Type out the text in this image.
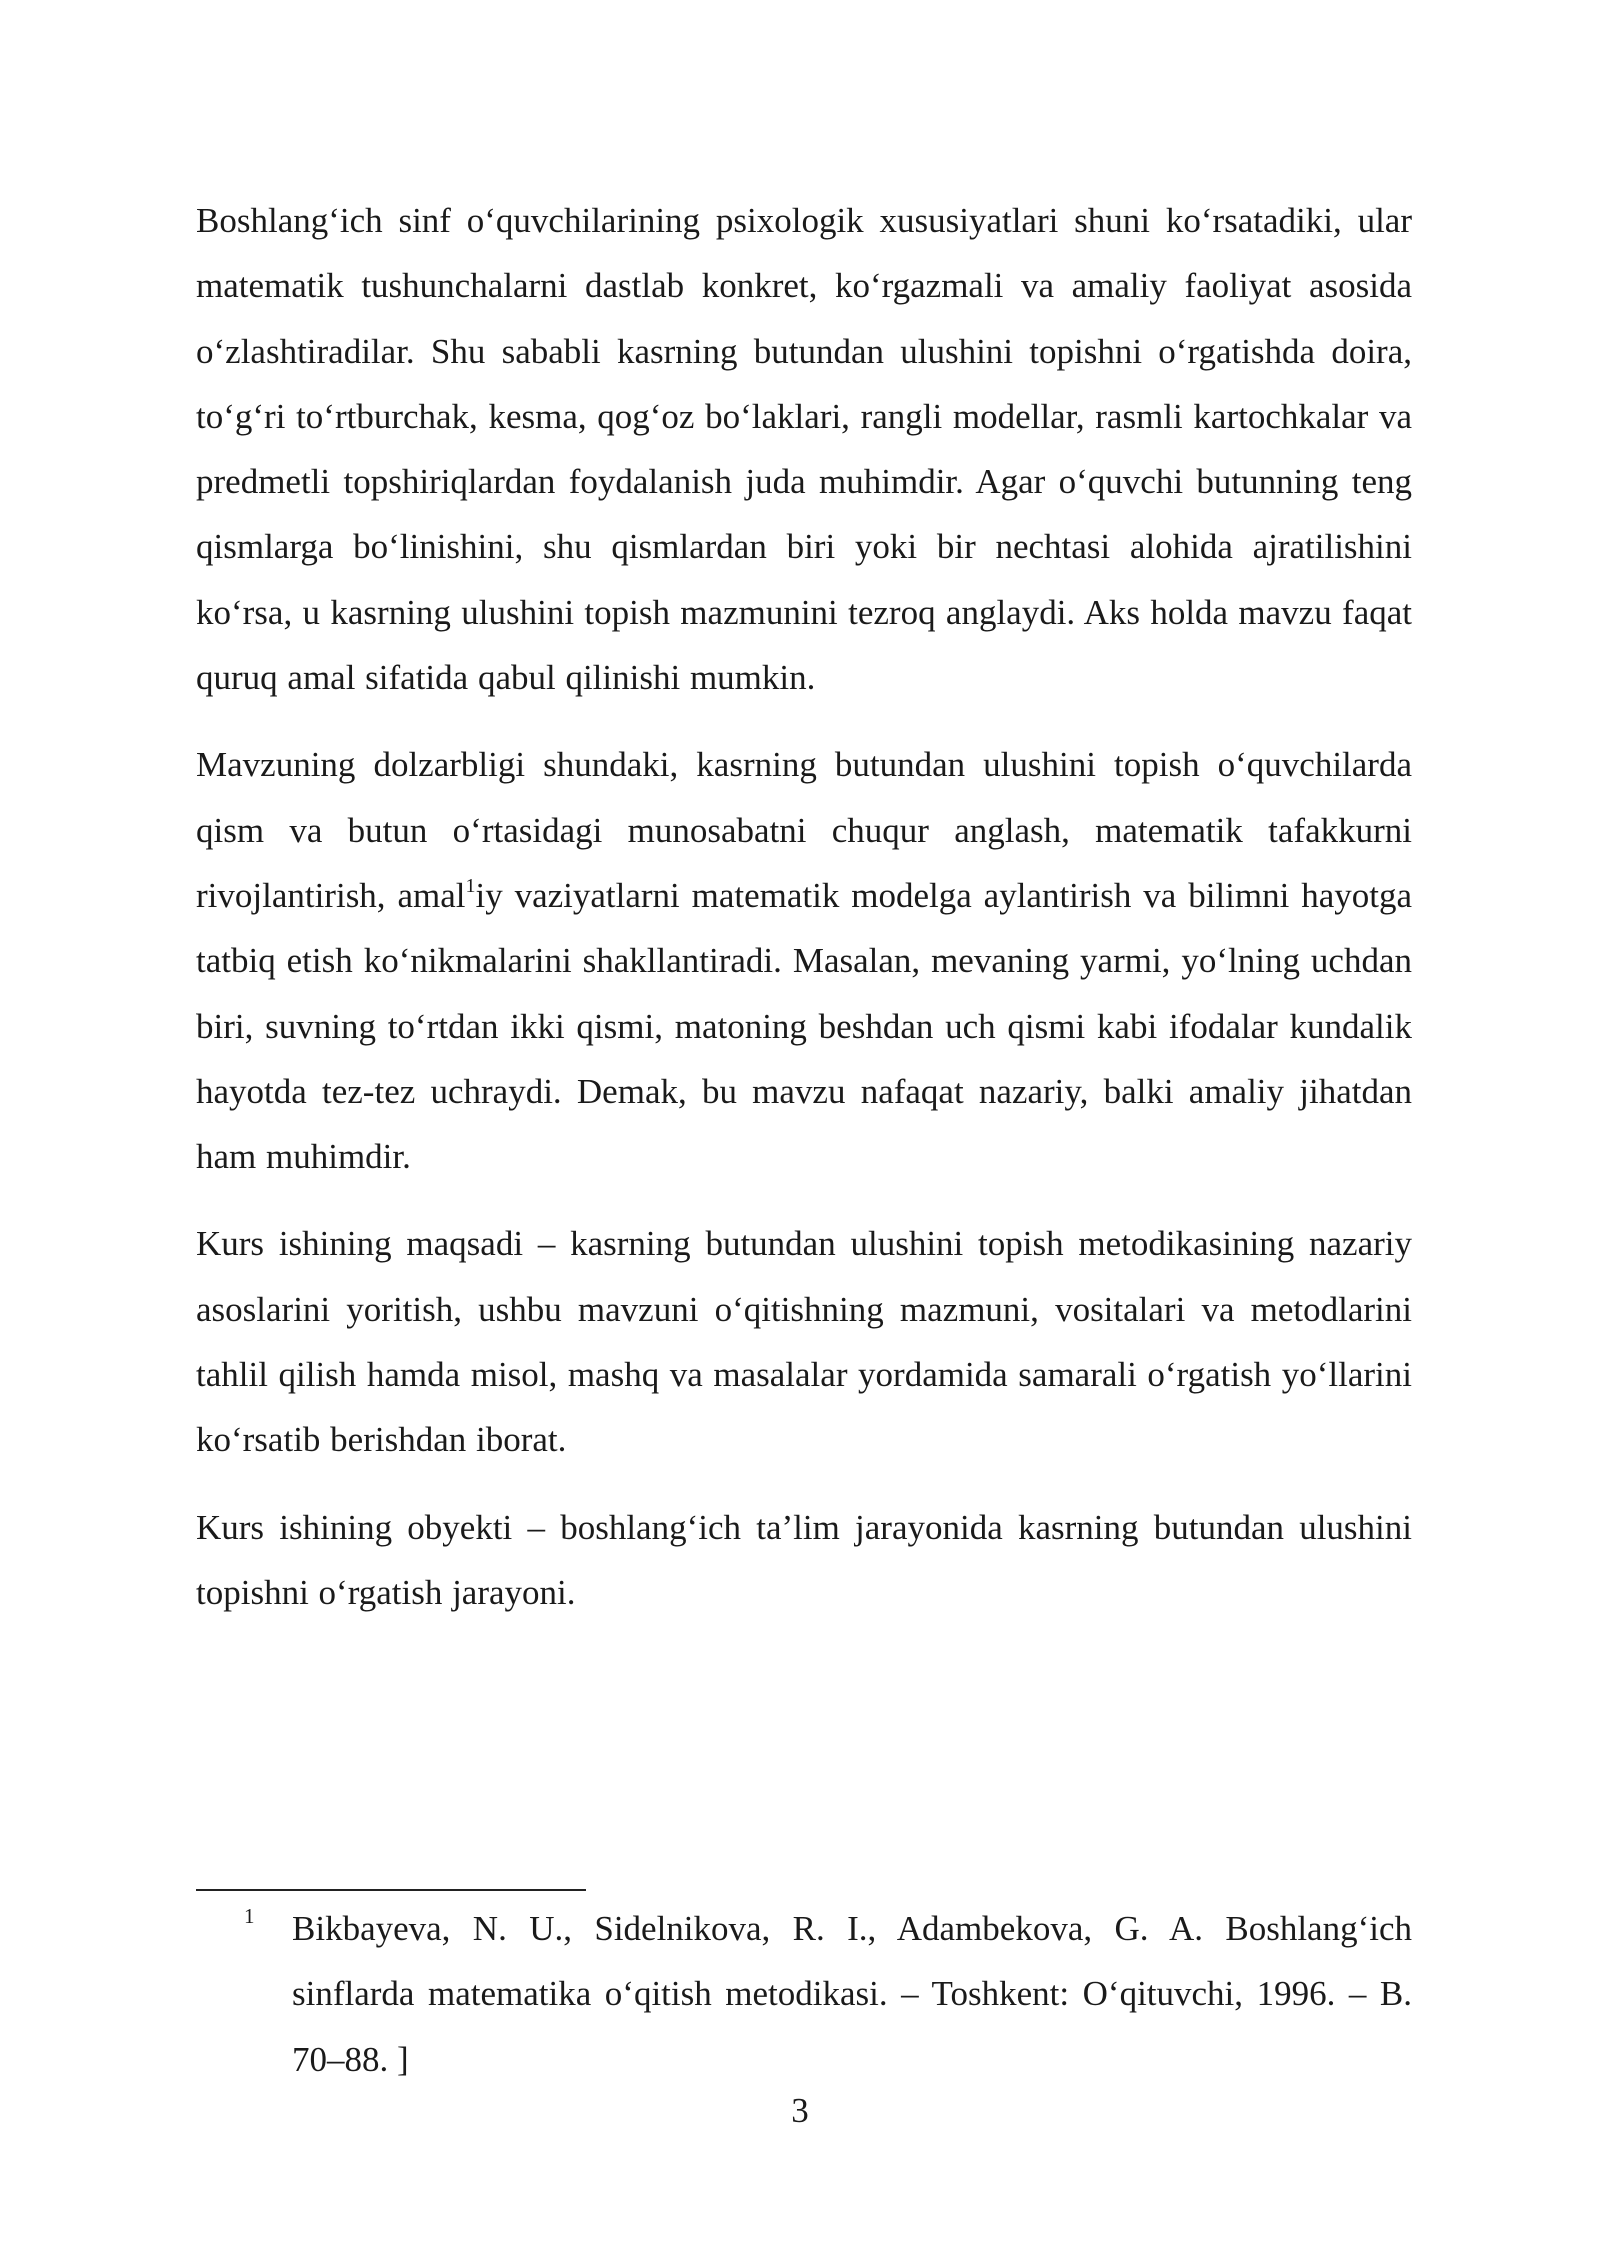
Boshlang‘ich sinf o‘quvchilarining psixologik xususiyatlari shuni ko‘rsatadiki, ular matematik tushunchalarni dastlab konkret, ko‘rgazmali va amaliy faoliyat asosida o‘zlashtiradilar. Shu sababli kasrning butundan ulushini topishni o‘rgatishda doira, to‘g‘ri to‘rtburchak, kesma, qog‘oz bo‘laklari, rangli modellar, rasmli kartochkalar va predmetli topshiriqlardan foydalanish juda muhimdir. Agar o‘quvchi butunning teng qismlarga bo‘linishini, shu qismlardan biri yoki bir nechtasi alohida ajratilishini ko‘rsa, u kasrning ulushini topish mazmunini tezroq anglaydi. Aks holda mavzu faqat quruq amal sifatida qabul qilinishi mumkin.

Mavzuning dolzarbligi shundaki, kasrning butundan ulushini topish o‘quvchilarda qism va butun o‘rtasidagi munosabatni chuqur anglash, matematik tafakkurni rivojlantirish, amal$^1$iy vaziyatlarni matematik modelga aylantirish va bilimni hayotga tatbiq etish ko‘nikmalarini shakllantiradi. Masalan, mevaning yarmi, yo‘lning uchdan biri, suvning to‘rtdan ikki qismi, matoning beshdan uch qismi kabi ifodalar kundalik hayotda tez-tez uchraydi. Demak, bu mavzu nafaqat nazariy, balki amaliy jihatdan ham muhimdir.

Kurs ishining maqsadi – kasrning butundan ulushini topish metodikasining nazariy asoslarini yoritish, ushbu mavzuni o‘qitishning mazmuni, vositalari va metodlarini tahlil qilish hamda misol, mashq va masalalar yordamida samarali o‘rgatish yo‘llarini ko‘rsatib berishdan iborat.

Kurs ishining obyekti – boshlang‘ich ta’lim jarayonida kasrning butundan ulushini topishni o‘rgatish jarayoni.

1 Bikbayeva, N. U., Sidelnikova, R. I., Adambekova, G. A. Boshlang‘ich sinflarda matematika o‘qitish metodikasi. – Toshkent: O‘qituvchi, 1996. – B. 70–88. ]

3
